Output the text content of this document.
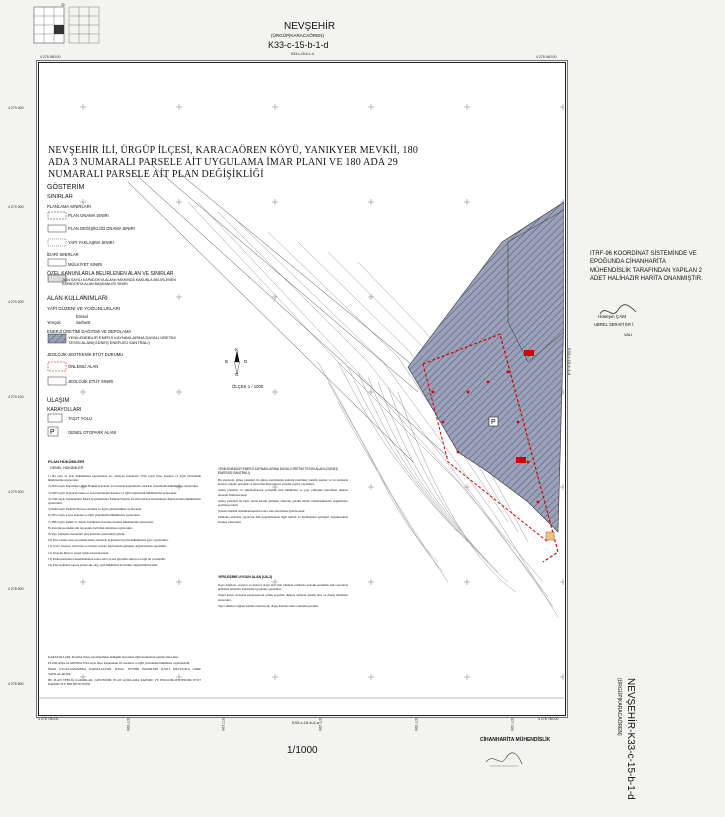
33
NEVŞEHİR
(ÜRGÜP|KARACAÖREN)
K33-c-15-b-1-d
K33-c-15-b-1-d
4 279 450.00	4 279 440.00
4 278 750.00	4 278 760.00
4 279 400
4 279 300
4 279 200
4 279 100
4 279 000
4 278 900
4 278 800
577 000	577 100	577 200	577 300	577 400
P
P
NEVŞEHİR İLİ, ÜRGÜP İLÇESİ, KARACAÖREN KÖYÜ, YANIKYER MEVKİİ, 180 ADA 3 NUMARALI PARSELE AİT UYGULAMA İMAR PLANI VE 180 ADA 29 NUMARALI PARSELE AİT PLAN DEĞİŞİKLİĞİ
GÖSTERİM
SINIRLAR
PLANLAMA SINIRLARI
PLAN ONAMA SINIRI
PLAN DEĞİŞİKLİĞİ ONAMA SINIRI
YAPI YAKLAŞMA SINIRI
İDARİ SINIRLAR
MÜLKİYET SINIRI
ÖZEL KANUNLARLA BELİRLENEN ALAN VE SINIRLAR
2634 SAYILI KAPADOKYA ALANI HAKKINDA KANUNLA BELİRLENEN KAPADOKYA ALAN BAŞKANLIĞI SINIRI
ALAN KULLANIMLARI
YAPI DÜZENİ VE YOĞUNLUKLARI
Emsal
Yençok	Serbest
ENERJİ ÜRETİMİ DAĞITIMI VE DEPOLAMA
YENİLENEBİLİR ENERJİ KAYNAKLARINA DAYALI ÜRETİM TESİSİ ALANI(GÜNEŞ ENERJİSİ SANTRALİ)
JEOLOJİK-JEOTEKNİK ETÜT DURUMU
ÖNLEMLİ ALAN
JEOLOJİK ETÜT SINIRI
ULAŞIM
KARAYOLLARI
TAŞIT YOLU
GENEL OTOPARK ALANI
K
B	D
G
ÖLÇEK 1 / 1000
PLAN HÜKÜMLERİ
GENEL HÜKÜMLER

1) Bu plan ve plan hükümlerini kapsamında yer almayan konularda 3194 sayılı İmar Kanunu ve ilgili yönetmelik hükümlerine uyulacaktır.

2) 2634 sayılı Kapadokya Alanı Hakkında Kanun ve bu kanun kapsamında çıkarılan yönetmelik hükümlerine uyulacaktır.

3) 5403 sayılı Toprak Koruma ve Arazi Kullanımı Kanunu ve ilgili yönetmelik hükümlerine uyulacaktır.

4) 5346 sayılı Yenilenebilir Enerji Kaynaklarının Elektrik Enerjisi Üretimi Amaçlı Kullanımına İlişkin Kanun hükümlerine uyulacaktır.

5) 6446 sayılı Elektrik Piyasası Kanunu ve ilgili yönetmeliklere uyulacaktır.

6) 2872 sayılı Çevre Kanunu ve ilgili yönetmelik hükümlerine uyulacaktır.

7) 2863 sayılı Kültür ve Tabiat Varlıklarını Koruma Kanunu hükümlerine uyulacaktır.

8) Jeolojik-jeoteknik etüt raporunda belirtilen önlemlere uyulacaktır.

9) Yapı yaklaşma mesafeleri plan üzerinde gösterildiği gibidir.

10) Plan onama sınırı içerisinde kalan alanlarda uygulama bu plan hükümlerine göre yapılacaktır.

11) Trafo, inverter, idari bina ve benzeri tesisler ilgili kurum görüşleri doğrultusunda yapılabilir.

12) Otopark ihtiyacı parsel içinde karşılanacaktır.

13) Panel kurulumu tamamlandıktan sonra alan çevresi güvenlik amaçlı tel örgü ile çevrilebilir.

14) Plan açıklama raporu planın eki olup, plan hükümleri ile birlikte değerlendirilecektir.

KARAYOLLARI: Parseller ihdas parselllerinden dönüşüm öncesinde ilgili kurumların görüşü alınacaktır.

PLANLAMA ALANINDA 3194 sayılı İmar Kanununun 18. maddesi ve ilgili yönetmelik hükümleri uygulanabilir.

İMAR UYGULAMASINDA PARSELASYON, İFRAZ, TEVHİD İŞLEMLERİ İLGİLİ MEVZUATA GÖRE YAPILACAKTIR.

BU PLAN TEBLİĞ KARARLAR, GÖSTERİMİ, PLAN AÇIKLAMA RAPORU VE JEOLOJİK-JEOTEKNİK ETÜT RAPORU İLE BİR BÜTÜNDÜR.

YENİLENEBİLİR ENERJİ KAYNAKLARINA DAYALI ÜRETİM TESİSİ ALANI (GÜNEŞ ENERJİSİ SANTRALİ)

Bu alanlarda, güneş panelleri ile güneş enerjisinden elektrik üretimine yönelik tesisler ve bu tesislerin kontrol, bakım, güvenlik ve idari bina ihtiyaçlarına yönelik yapılar yapılabilir.

Güneş panelleri ve ekipmanlarının yerleşimi plan hükümleri ve yapı yaklaşma mesafeleri dikkate alınarak belirlenecektir.

Güneş panelleri ile ilgili olarak kurum görüşleri alınacak, gerekli izinler tamamlanmadan uygulamaya geçilmeyecektir.

Tesisin ömrünü tamamlamasından sonra alan eski haline getirilecektir.

Planlama alanında yapılacak tüm uygulamalarda ilgili kurum ve kuruluşların görüşleri doğrultusunda hareket edilecektir.

YERLEŞİME UYGUN ALAN (UA-2)

Kaya düşmesi, erozyon ve benzeri doğal afet riski bulunan alanlarda jeolojik-jeoteknik etüt raporunda belirtilen önlemler alınmadan uygulama yapılamaz.

Temel kazısı sırasında karşılaşılacak zemin koşulları dikkate alınarak gerekli iksa ve drenaj önlemleri alınacaktır.

Yapı temelleri sağlam zemine oturtulacak, dolgu üzerine temel oturtulmayacaktır.

ITRF-96 KOORDİNAT SİSTEMİNDE VE EPOĞUNDA CİHANHARİTA MÜHENDİSLİK TARAFINDAN YAPILAN 2 ADET HALİHAZIR HARİTA ONANMIŞTIR.
Hüseyin ÇAM
UBREL SERAFİ ER İ.
VALİ
NEVŞEHİR-K33-c-15-b-1-d
(ÜRGÜP|KARACAÖREN)
K33-c-15-b-1-d
K33-c-15-b-4-a
1/1000
CİHANHARİTA MÜHENDİSLİK
